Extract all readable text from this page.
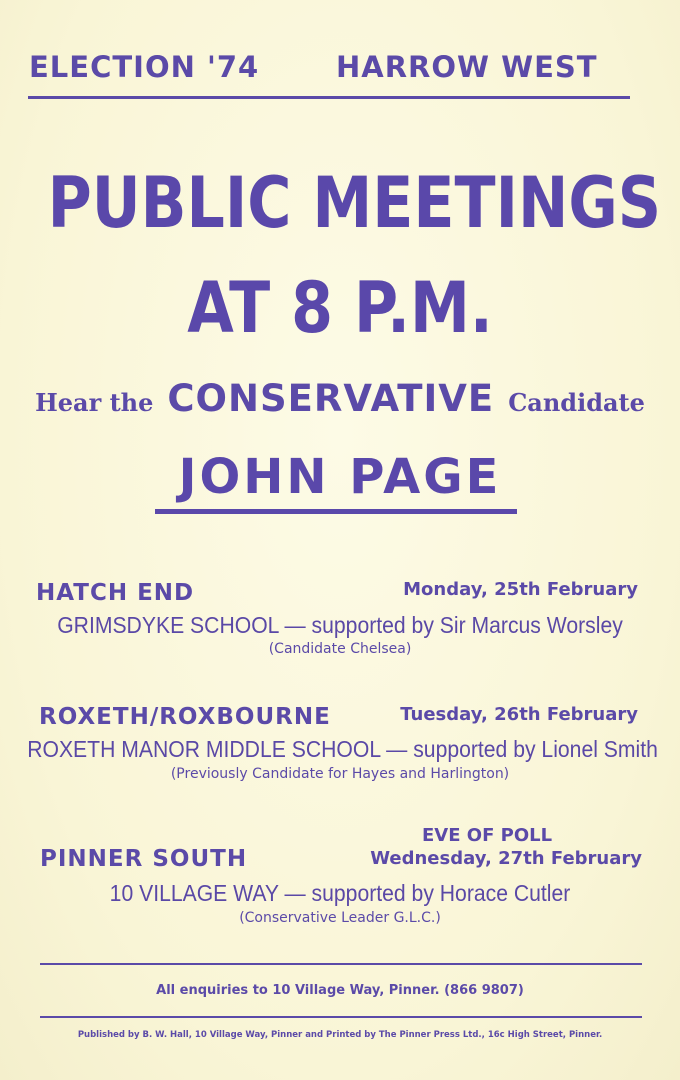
ELECTION '74	HARROW WEST
PUBLIC MEETINGS
AT 8 P.M.
Hear the CONSERVATIVE Candidate
JOHN PAGE
HATCH END	Monday, 25th February
GRIMSDYKE SCHOOL — supported by Sir Marcus Worsley
(Candidate Chelsea)
ROXETH/ROXBOURNE	Tuesday, 26th February
ROXETH MANOR MIDDLE SCHOOL — supported by Lionel Smith
(Previously Candidate for Hayes and Harlington)
EVE OF POLL
PINNER SOUTH	Wednesday, 27th February
10 VILLAGE WAY — supported by Horace Cutler
(Conservative Leader G.L.C.)
All enquiries to 10 Village Way, Pinner. (866 9807)
Published by B. W. Hall, 10 Village Way, Pinner and Printed by The Pinner Press Ltd., 16c High Street, Pinner.
